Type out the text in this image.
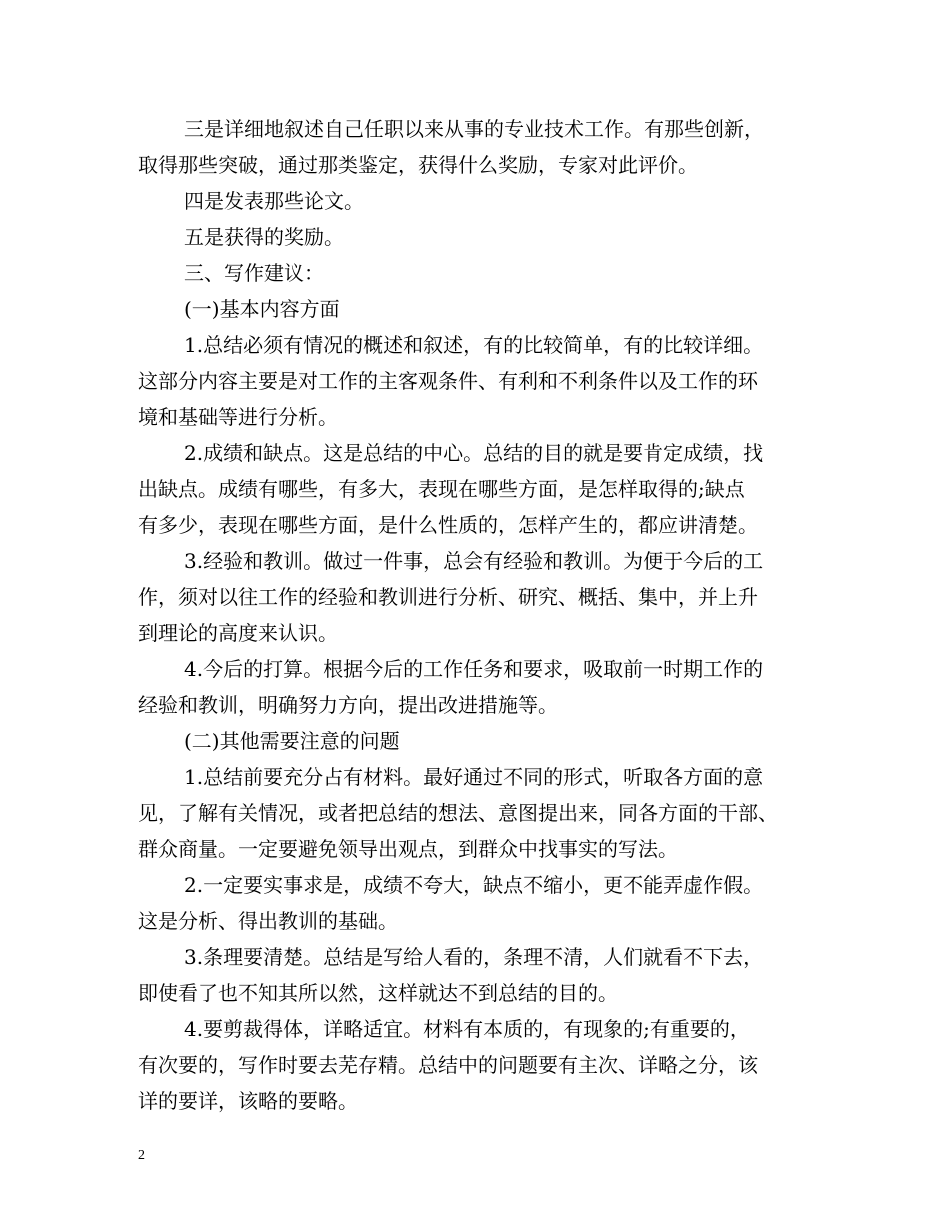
三是详细地叙述自己任职以来从事的专业技术工作。有那些创新，
取得那些突破，通过那类鉴定，获得什么奖励，专家对此评价。
四是发表那些论文。
五是获得的奖励。
三、写作建议：
(一)基本内容方面
1.总结必须有情况的概述和叙述，有的比较简单，有的比较详细。
这部分内容主要是对工作的主客观条件、有利和不利条件以及工作的环
境和基础等进行分析。
2.成绩和缺点。这是总结的中心。总结的目的就是要肯定成绩，找
出缺点。成绩有哪些，有多大，表现在哪些方面，是怎样取得的;缺点
有多少，表现在哪些方面，是什么性质的，怎样产生的，都应讲清楚。
3.经验和教训。做过一件事，总会有经验和教训。为便于今后的工
作，须对以往工作的经验和教训进行分析、研究、概括、集中，并上升
到理论的高度来认识。
4.今后的打算。根据今后的工作任务和要求，吸取前一时期工作的
经验和教训，明确努力方向，提出改进措施等。
(二)其他需要注意的问题
1.总结前要充分占有材料。最好通过不同的形式，听取各方面的意
见，了解有关情况，或者把总结的想法、意图提出来，同各方面的干部、
群众商量。一定要避免领导出观点，到群众中找事实的写法。
2.一定要实事求是，成绩不夸大，缺点不缩小，更不能弄虚作假。
这是分析、得出教训的基础。
3.条理要清楚。总结是写给人看的，条理不清，人们就看不下去，
即使看了也不知其所以然，这样就达不到总结的目的。
4.要剪裁得体，详略适宜。材料有本质的，有现象的;有重要的，
有次要的，写作时要去芜存精。总结中的问题要有主次、详略之分，该
详的要详，该略的要略。
2
